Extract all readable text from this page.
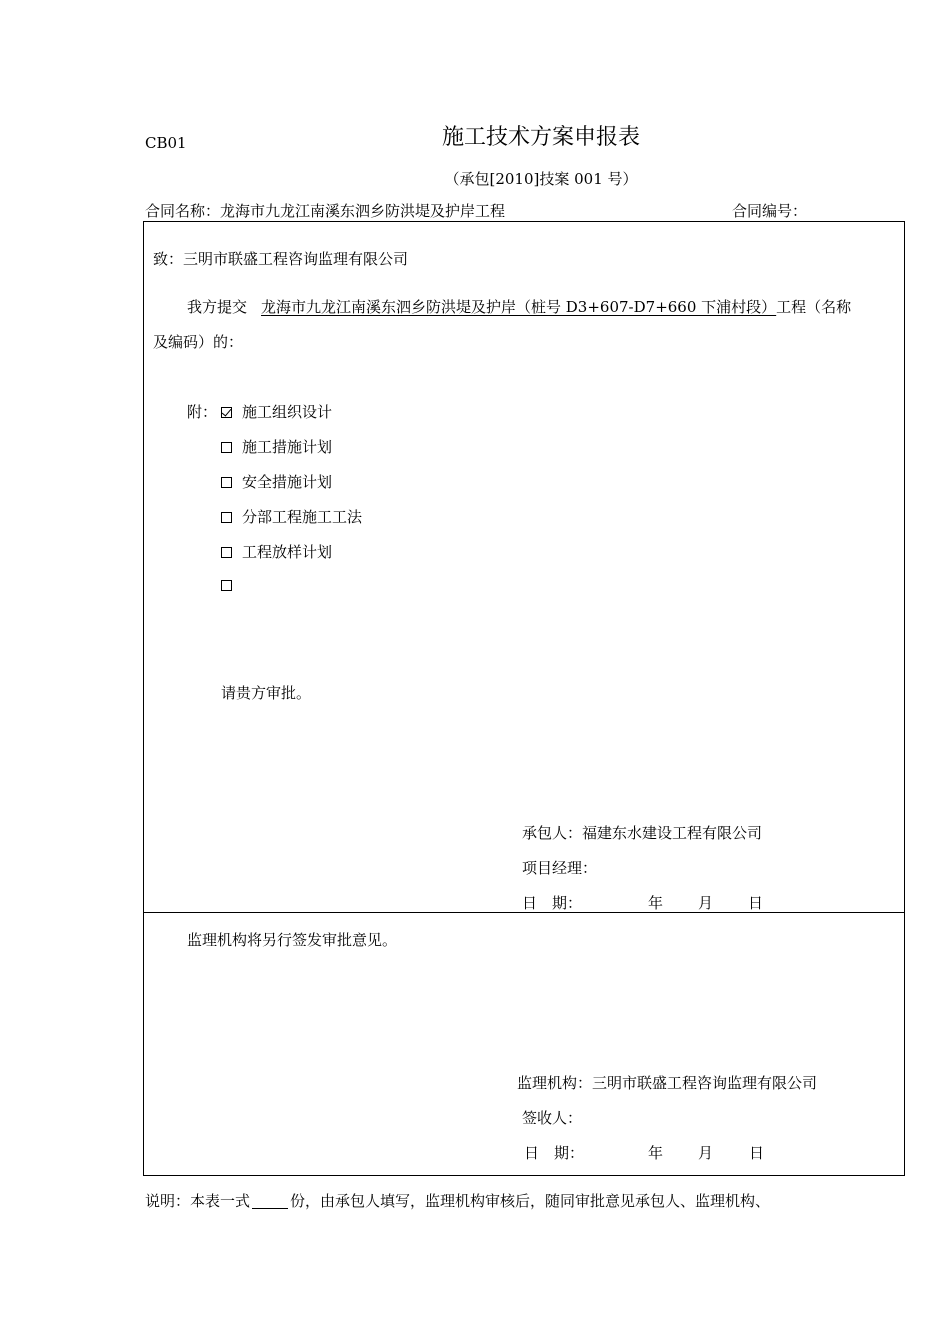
CB01	施工技术方案申报表
（承包[2010]技案 001 号）
合同名称：龙海市九龙江南溪东泗乡防洪堤及护岸工程	合同编号：
致：三明市联盛工程咨询监理有限公司
我方提交 龙海市九龙江南溪东泗乡防洪堤及护岸（桩号 D3+607-D7+660 下浦村段）工程（名称
及编码）的：
附：	施工组织设计
施工措施计划
安全措施计划
分部工程施工工法
工程放样计划
请贵方审批。
承包人：福建东水建设工程有限公司
项目经理：
日　期：	年 月 日
监理机构将另行签发审批意见。
监理机构：三明市联盛工程咨询监理有限公司
签收人：
日　期：	年 月 日
说明：本表一式	份，由承包人填写，监理机构审核后，随同审批意见承包人、监理机构、
